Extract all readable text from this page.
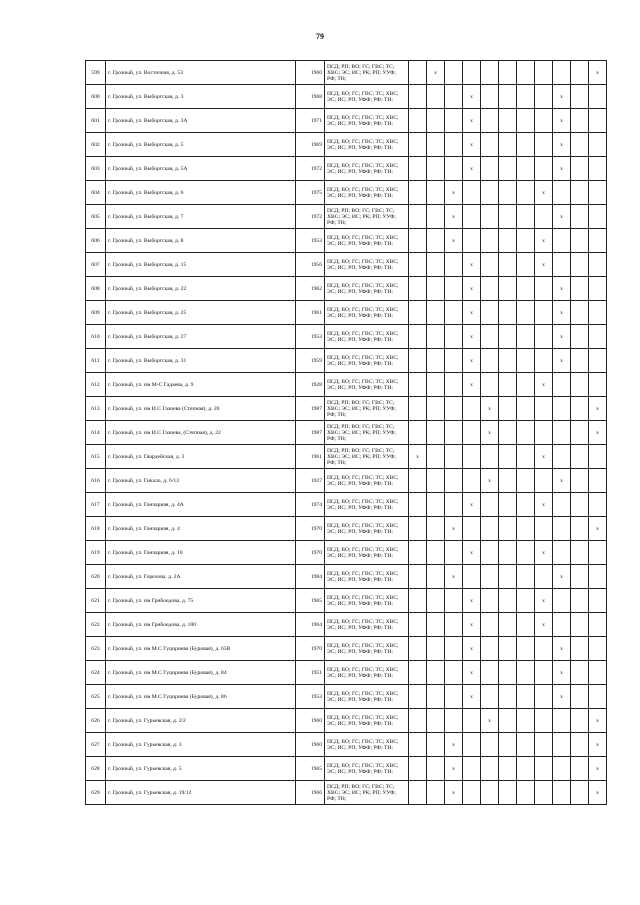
79
599	г. Грозный, ул. Восточная, д. 53	1960	ПСД; РП; ВО; ГС; ГВС; ТС; ХВС; ЭС; ИС; РК; РП; УУФ; РФ; ТН;		x									x
600	г. Грозный, ул. Выборгская, д. 3	1968	ПСД; ВО; ГС; ГВС; ТС; ХВС; ЭС; ИС; РП; УФФ; РФ; ТН;				x					x		
601	г. Грозный, ул. Выборгская, д. 3А	1971	ПСД; ВО; ГС; ГВС; ТС; ХВС; ЭС; ИС; РП; УФФ; РФ; ТН;				x					x		
602	г. Грозный, ул. Выборгская, д. 5	1969	ПСД; ВО; ГС; ГВС; ТС; ХВС; ЭС; ИС; РП; УФФ; РФ; ТН;				x					x		
603	г. Грозный, ул. Выборгская, д. 5А	1972	ПСД; ВО; ГС; ГВС; ТС; ХВС; ЭС; ИС; РП; УФФ; РФ; ТН;				x					x		
604	г. Грозный, ул. Выборгская, д. 6	1975	ПСД; ВО; ГС; ГВС; ТС; ХВС; ЭС; ИС; РП; УФФ; РФ; ТН;			x					x			
605	г. Грозный, ул. Выборгская, д. 7	1972	ПСД; РП; ВО; ГС; ГВС; ТС; ХВС; ЭС; ИС; РК; РП; УУФ; РФ; ТН;			x						x		
606	г. Грозный, ул. Выборгская, д. 8	1953	ПСД; ВО; ГС; ГВС; ТС; ХВС; ЭС; ИС; РП; УФФ; РФ; ТН;			x					x			
607	г. Грозный, ул. Выборгская, д. 15	1956	ПСД; ВО; ГС; ГВС; ТС; ХВС; ЭС; ИС; РП; УФФ; РФ; ТН;				x				x			
608	г. Грозный, ул. Выборгская, д. 22	1962	ПСД; ВО; ГС; ГВС; ТС; ХВС; ЭС; ИС; РП; УФФ; РФ; ТН;				x					x		
609	г. Грозный, ул. Выборгская, д. 25	1961	ПСД; ВО; ГС; ГВС; ТС; ХВС; ЭС; ИС; РП; УФФ; РФ; ТН;				x					x		
610	г. Грозный, ул. Выборгская, д. 27	1953	ПСД; ВО; ГС; ГВС; ТС; ХВС; ЭС; ИС; РП; УФФ; РФ; ТН;				x					x		
611	г. Грозный, ул. Выборгская, д. 31	1959	ПСД; ВО; ГС; ГВС; ТС; ХВС; ЭС; ИС; РП; УФФ; РФ; ТН;				x					x		
612	г. Грозный, ул. им М-С Гадаева, д. 9	1928	ПСД; ВО; ГС; ГВС; ТС; ХВС; ЭС; ИС; РП; УФФ; РФ; ТН;				x				x			
613	г. Грозный, ул. им И.С Газиева (Степная), д. 20	1987	ПСД; РП; ВО; ГС; ГВС; ТС; ХВС; ЭС; ИС; РК; РП; УУФ; РФ; ТН;					x						x
614	г. Грозный, ул. им И.С Газиева, (Степная), д. 22	1987	ПСД; РП; ВО; ГС; ГВС; ТС; ХВС; ЭС; ИС; РК; РП; УУФ; РФ; ТН;					x						x
615	г. Грозный, ул. Гвардейская, д. 3	1961	ПСД; РП; ВО; ГС; ГВС; ТС; ХВС; ЭС; ИС; РК; РП; УУФ; РФ; ТН;	x							x			
616	г. Грозный, ул. Гикало, д. 6/13	1927	ПСД; ВО; ГС; ГВС; ТС; ХВС; ЭС; ИС; РП; УФФ; РФ; ТН;					x				x		
617	г. Грозный, ул. Гончарная, д. 4А	1974	ПСД; ВО; ГС; ГВС; ТС; ХВС; ЭС; ИС; РП; УФФ; РФ; ТН;				x				x			
618	г. Грозный, ул. Гончарная, д. 4	1970	ПСД; ВО; ГС; ГВС; ТС; ХВС; ЭС; ИС; РП; УФФ; РФ; ТН;			x								x
619	г. Грозный, ул. Гончарная, д. 10	1970	ПСД; ВО; ГС; ГВС; ТС; ХВС; ЭС; ИС; РП; УФФ; РФ; ТН;				x				x			
620	г. Грозный, ул. Горелова, д. 2А	1984	ПСД; ВО; ГС; ГВС; ТС; ХВС; ЭС; ИС; РП; УФФ; РФ; ТН;			x						x		
621	г. Грозный, ул. им Грибоедова, д. 75	1965	ПСД; ВО; ГС; ГВС; ТС; ХВС; ЭС; ИС; РП; УФФ; РФ; ТН;				x				x			
622	г. Грозный, ул. им Грибоедова, д. 100	1964	ПСД; ВО; ГС; ГВС; ТС; ХВС; ЭС; ИС; РП; УФФ; РФ; ТН;				x				x			
623	г. Грозный, ул. им М.С Гуцириева (Буровая), д. 65В	1970	ПСД; ВО; ГС; ГВС; ТС; ХВС; ЭС; ИС; РП; УФФ; РФ; ТН;				x					x		
624	г. Грозный, ул. им М.С Гуцириева (Буровая), д. 84	1951	ПСД; ВО; ГС; ГВС; ТС; ХВС; ЭС; ИС; РП; УФФ; РФ; ТН;				x					x		
625	г. Грозный, ул. им М.С Гуцириева (Буровая), д. 86	1953	ПСД; ВО; ГС; ГВС; ТС; ХВС; ЭС; ИС; РП; УФФ; РФ; ТН;				x					x		
626	г. Грозный, ул. Гурьевская, д. 2/2	1960	ПСД; ВО; ГС; ГВС; ТС; ХВС; ЭС; ИС; РП; УФФ; РФ; ТН;					x						x
627	г. Грозный, ул. Гурьевская, д. 3	1960	ПСД; ВО; ГС; ГВС; ТС; ХВС; ЭС; ИС; РП; УФФ; РФ; ТН;			x								x
628	г. Грозный, ул. Гурьевская, д. 5	1965	ПСД; ВО; ГС; ГВС; ТС; ХВС; ЭС; ИС; РП; УФФ; РФ; ТН;			x								x
629	г. Грозный, ул. Гурьевская, д. 19/12	1966	ПСД; РП; ВО; ГС; ГВС; ТС; ХВС; ЭС; ИС; РК; РП; УУФ; РФ; ТН;			x								x
